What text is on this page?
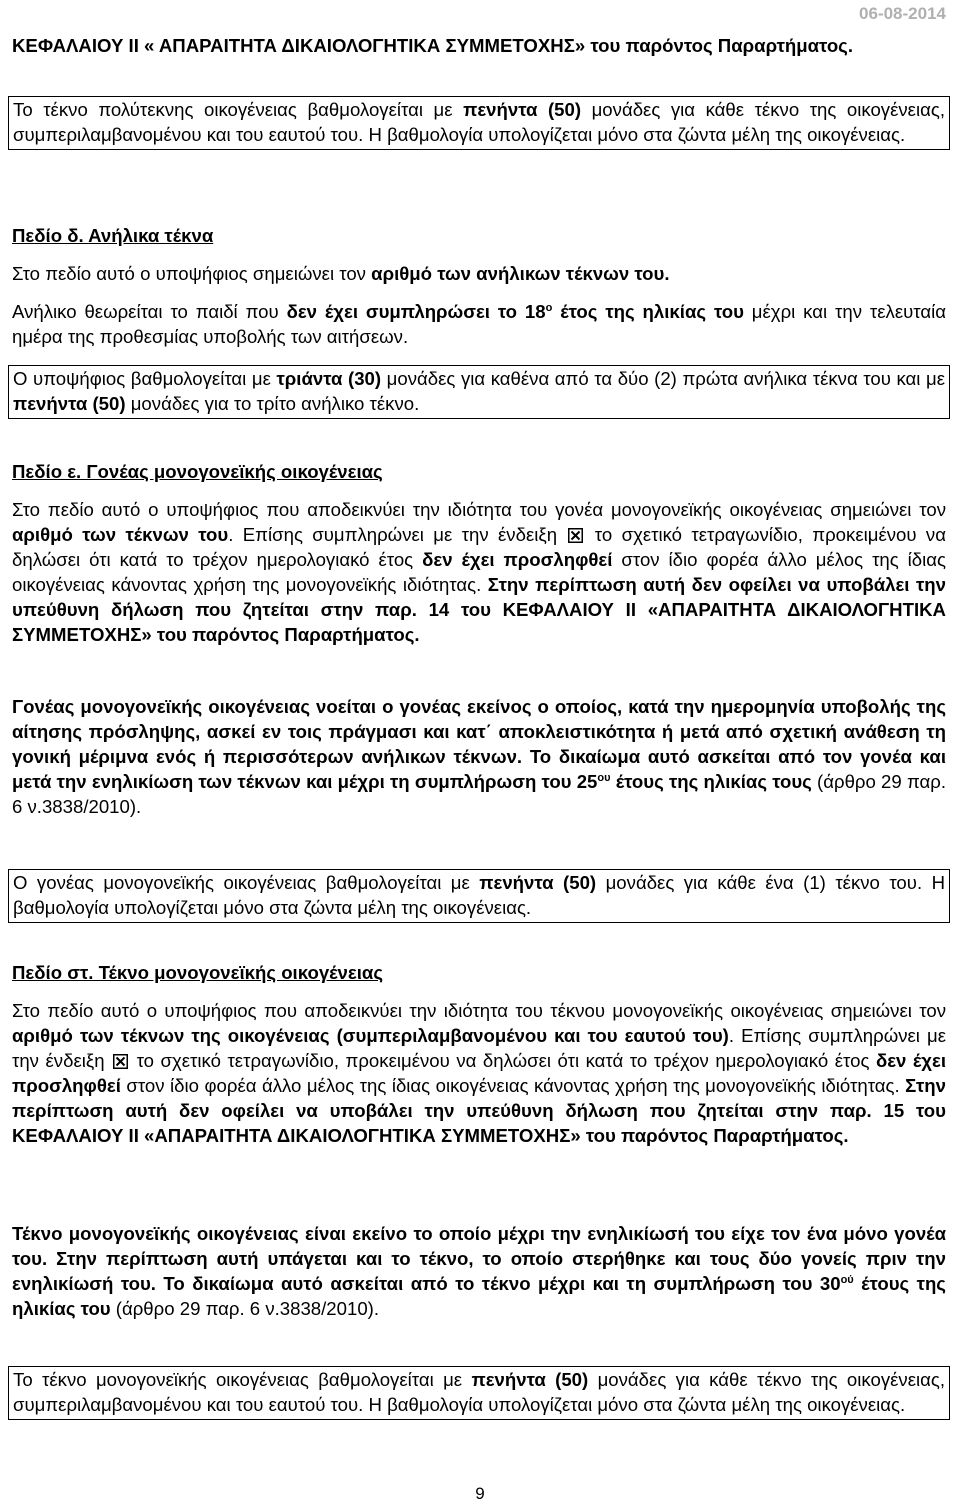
06-08-2014
ΚΕΦΑΛΑΙΟΥ ΙΙ « ΑΠΑΡΑΙΤΗΤΑ ΔΙΚΑΙΟΛΟΓΗΤΙΚΑ ΣΥΜΜΕΤΟΧΗΣ» του παρόντος Παραρτήματος.
Το τέκνο πολύτεκνης οικογένειας βαθμολογείται με πενήντα (50) μονάδες για κάθε τέκνο της οικογένειας, συμπεριλαμβανομένου και του εαυτού του. Η βαθμολογία υπολογίζεται μόνο στα ζώντα μέλη της οικογένειας.
Πεδίο δ. Ανήλικα τέκνα
Στο πεδίο αυτό ο υποψήφιος σημειώνει τον αριθμό των ανήλικων τέκνων του.
Ανήλικο θεωρείται το παιδί που δεν έχει συμπληρώσει το $18^o$ έτος της ηλικίας του μέχρι και την τελευταία ημέρα της προθεσμίας υποβολής των αιτήσεων.
Ο υποψήφιος βαθμολογείται με τριάντα (30) μονάδες για καθένα από τα δύο (2) πρώτα ανήλικα τέκνα του και με πενήντα (50) μονάδες για το τρίτο ανήλικο τέκνο.
Πεδίο ε. Γονέας μονογονεϊκής οικογένειας
Στο πεδίο αυτό ο υποψήφιος που αποδεικνύει την ιδιότητα του γονέα μονογονεϊκής οικογένειας σημειώνει τον αριθμό των τέκνων του. Επίσης συμπληρώνει με την ένδειξη
το σχετικό τετραγωνίδιο, προκειμένου να δηλώσει ότι κατά το τρέχον ημερολογιακό έτος δεν έχει προσληφθεί στον ίδιο φορέα άλλο μέλος της ίδιας οικογένειας κάνοντας χρήση της μονογονεϊκής ιδιότητας. Στην περίπτωση αυτή δεν οφείλει να υποβάλει την υπεύθυνη δήλωση που ζητείται στην παρ. 14 του ΚΕΦΑΛΑΙΟΥ ΙΙ «ΑΠΑΡΑΙΤΗΤΑ ΔΙΚΑΙΟΛΟΓΗΤΙΚΑ ΣΥΜΜΕΤΟΧΗΣ» του παρόντος Παραρτήματος.
Γονέας μονογονεϊκής οικογένειας νοείται ο γονέας εκείνος ο οποίος, κατά την ημερομηνία υποβολής της αίτησης πρόσληψης, ασκεί εν τοις πράγμασι και κατ΄ αποκλειστικότητα ή μετά από σχετική ανάθεση τη γονική μέριμνα ενός ή περισσότερων ανήλικων τέκνων. Το δικαίωμα αυτό ασκείται από τον γονέα και μετά την ενηλικίωση των τέκνων και μέχρι τη συμπλήρωση του $25^{o\upsilon}$ έτους της ηλικίας τους (άρθρο 29 παρ. 6 ν.3838/2010).
Ο γονέας μονογονεϊκής οικογένειας βαθμολογείται με πενήντα (50) μονάδες για κάθε ένα (1) τέκνο του. Η βαθμολογία υπολογίζεται μόνο στα ζώντα μέλη της οικογένειας.
Πεδίο στ. Τέκνο μονογονεϊκής οικογένειας
Στο πεδίο αυτό ο υποψήφιος που αποδεικνύει την ιδιότητα του τέκνου μονογονεϊκής οικογένειας σημειώνει τον αριθμό των τέκνων της οικογένειας (συμπεριλαμβανομένου και του εαυτού του). Επίσης συμπληρώνει με την ένδειξη
το σχετικό τετραγωνίδιο, προκειμένου να δηλώσει ότι κατά το τρέχον ημερολογιακό έτος δεν έχει προσληφθεί στον ίδιο φορέα άλλο μέλος της ίδιας οικογένειας κάνοντας χρήση της μονογονεϊκής ιδιότητας. Στην περίπτωση αυτή δεν οφείλει να υποβάλει την υπεύθυνη δήλωση που ζητείται στην παρ. 15 του ΚΕΦΑΛΑΙΟΥ ΙΙ «ΑΠΑΡΑΙΤΗΤΑ ΔΙΚΑΙΟΛΟΓΗΤΙΚΑ ΣΥΜΜΕΤΟΧΗΣ» του παρόντος Παραρτήματος.
Τέκνο μονογονεϊκής οικογένειας είναι εκείνο το οποίο μέχρι την ενηλικίωσή του είχε τον ένα μόνο γονέα του. Στην περίπτωση αυτή υπάγεται και το τέκνο, το οποίο στερήθηκε και τους δύο γονείς πριν την ενηλικίωσή του. Το δικαίωμα αυτό ασκείται από το τέκνο μέχρι και τη συμπλήρωση του $30^{oύ}$ έτους της ηλικίας του (άρθρο 29 παρ. 6 ν.3838/2010).
Το τέκνο μονογονεϊκής οικογένειας βαθμολογείται με πενήντα (50) μονάδες για κάθε τέκνο της οικογένειας, συμπεριλαμβανομένου και του εαυτού του. Η βαθμολογία υπολογίζεται μόνο στα ζώντα μέλη της οικογένειας.
9
